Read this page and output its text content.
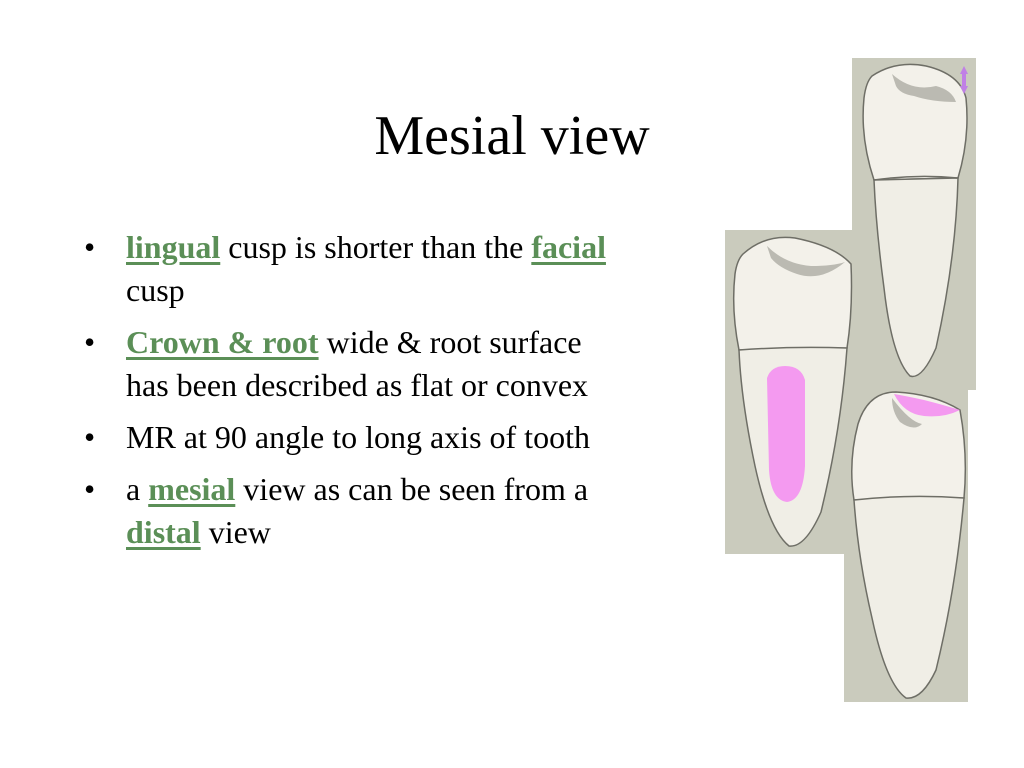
Mesial view
• lingual cusp is shorter than the facial cusp
• Crown & root wide & root surface has been described as flat or convex
• MR at 90 angle to long axis of tooth
• a mesial view as can be seen from a distal view
